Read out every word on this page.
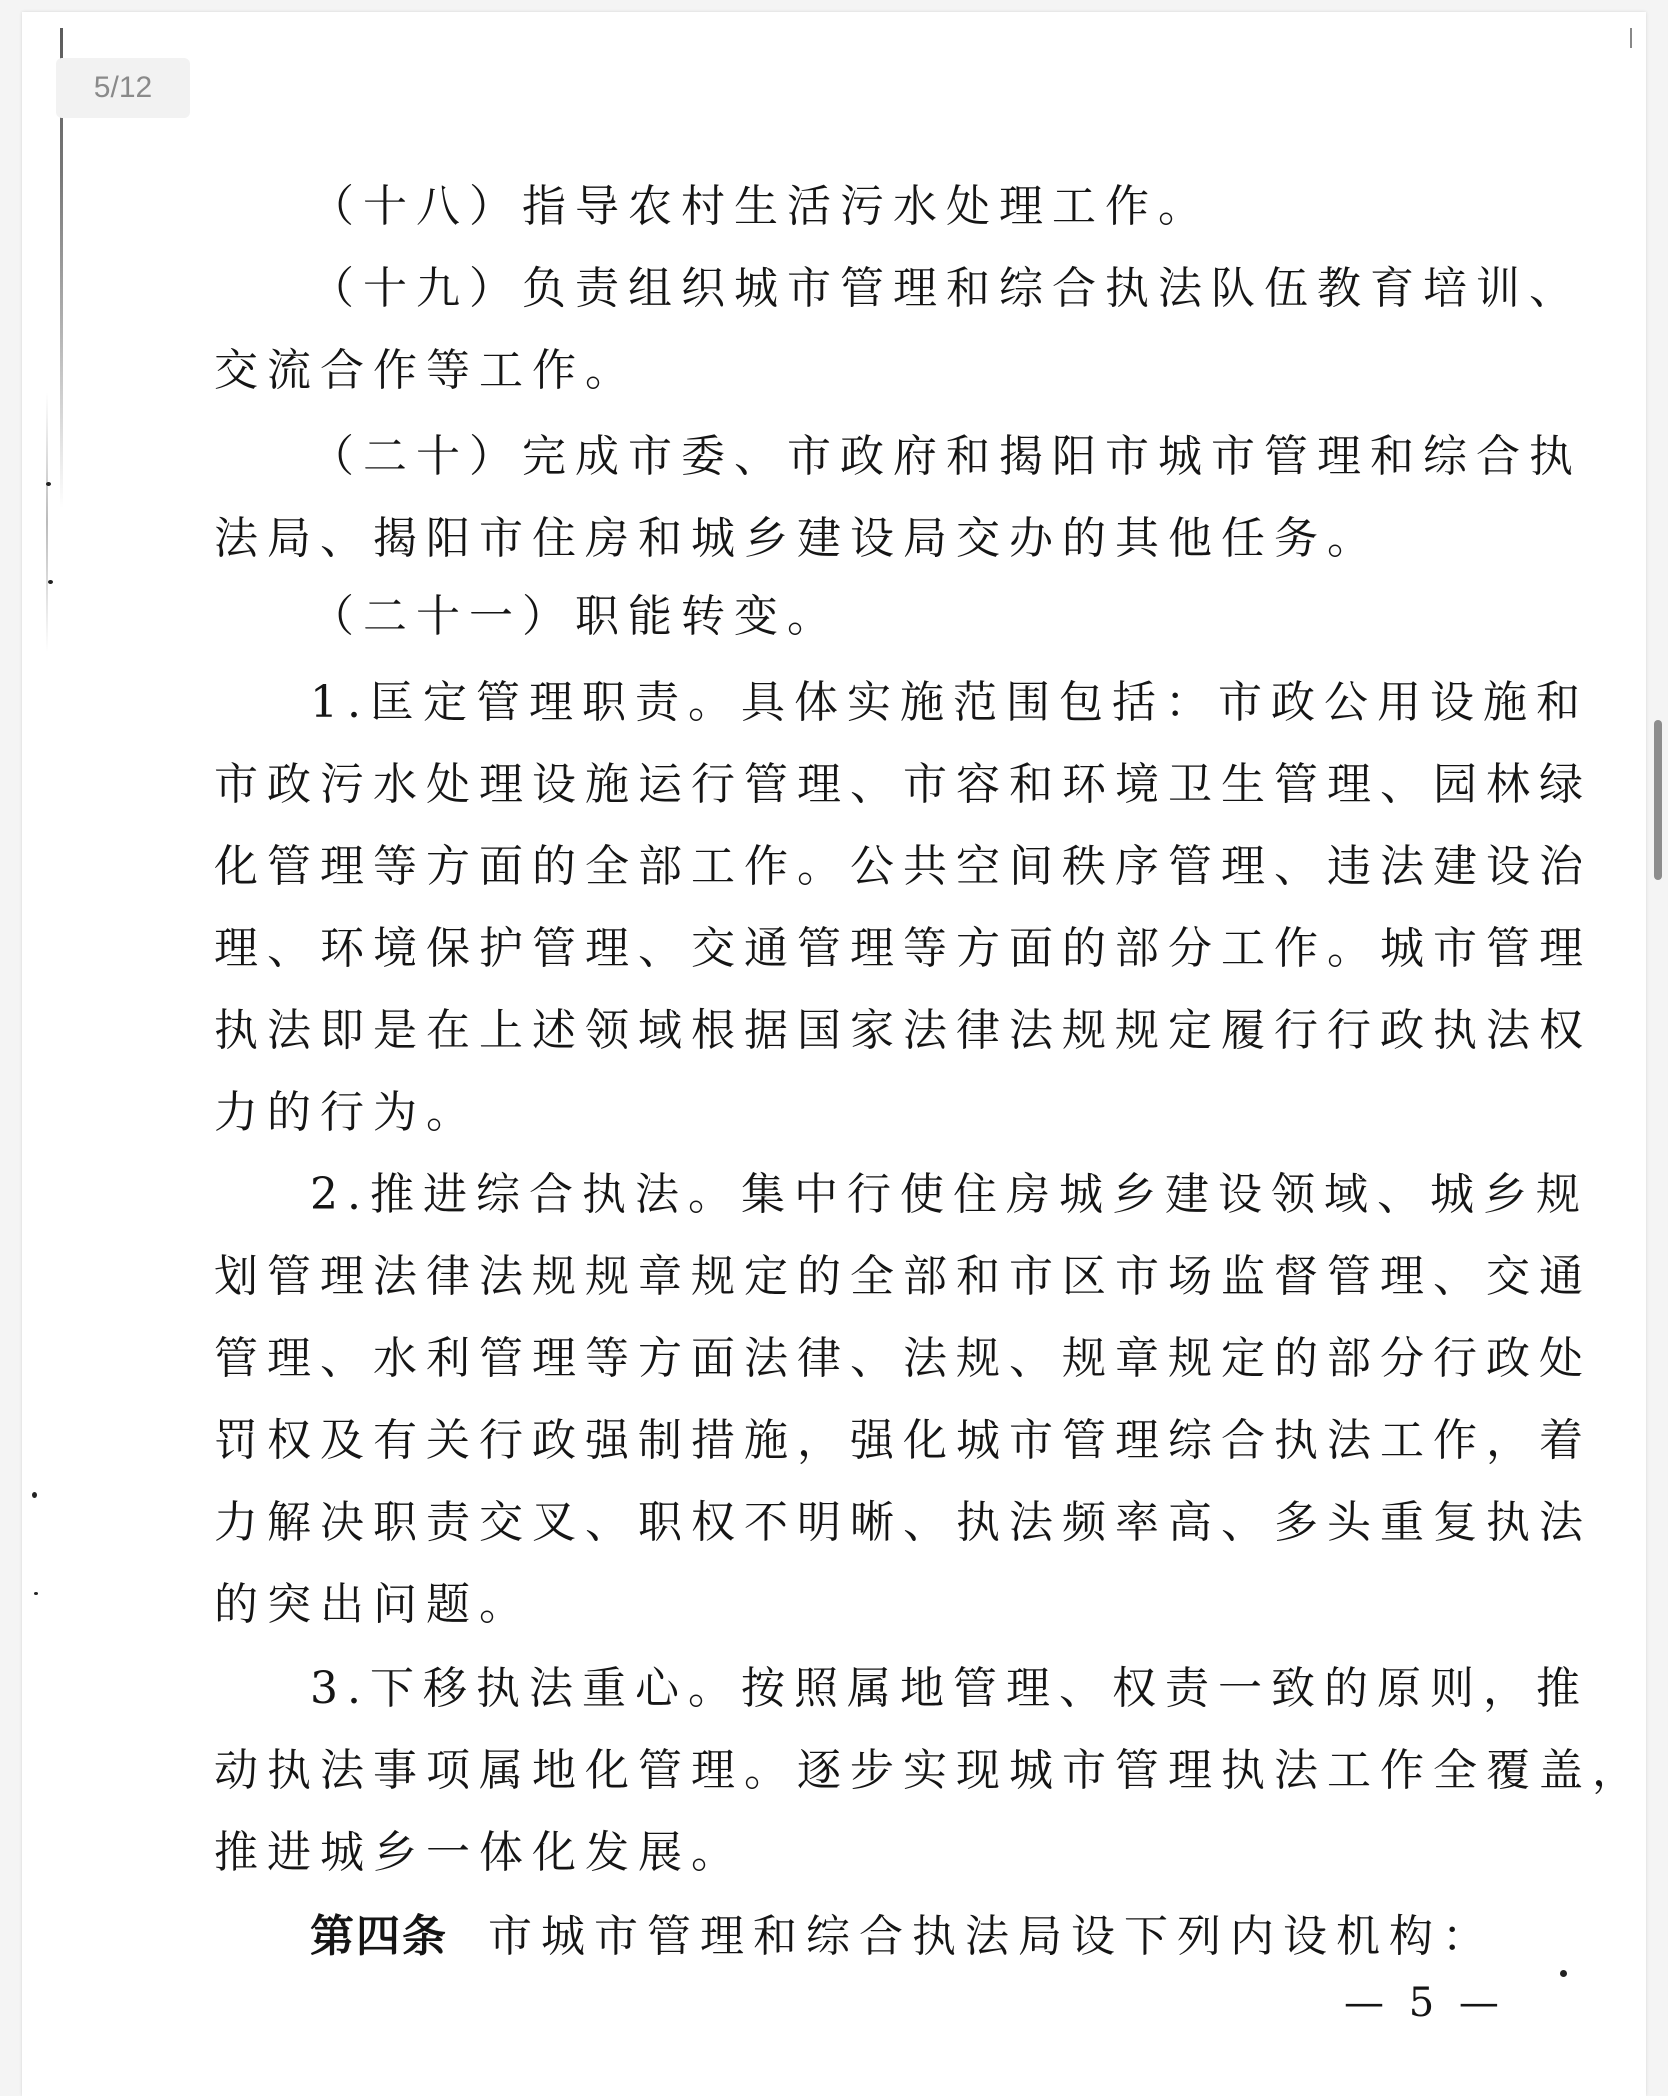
（十八）指导农村生活污水处理工作。
（十九）负责组织城市管理和综合执法队伍教育培训、
交流合作等工作。
（二十）完成市委、市政府和揭阳市城市管理和综合执
法局、揭阳市住房和城乡建设局交办的其他任务。
（二十一）职能转变。
1.匡定管理职责。具体实施范围包括：市政公用设施和
市政污水处理设施运行管理、市容和环境卫生管理、园林绿
化管理等方面的全部工作。公共空间秩序管理、违法建设治
理、环境保护管理、交通管理等方面的部分工作。城市管理
执法即是在上述领域根据国家法律法规规定履行行政执法权
力的行为。
2.推进综合执法。集中行使住房城乡建设领域、城乡规
划管理法律法规规章规定的全部和市区市场监督管理、交通
管理、水利管理等方面法律、法规、规章规定的部分行政处
罚权及有关行政强制措施，强化城市管理综合执法工作，着
力解决职责交叉、职权不明晰、执法频率高、多头重复执法
的突出问题。
3.下移执法重心。按照属地管理、权责一致的原则，推
动执法事项属地化管理。逐步实现城市管理执法工作全覆盖，
推进城乡一体化发展。
第四条 市城市管理和综合执法局设下列内设机构：
— 5 —
5/12
